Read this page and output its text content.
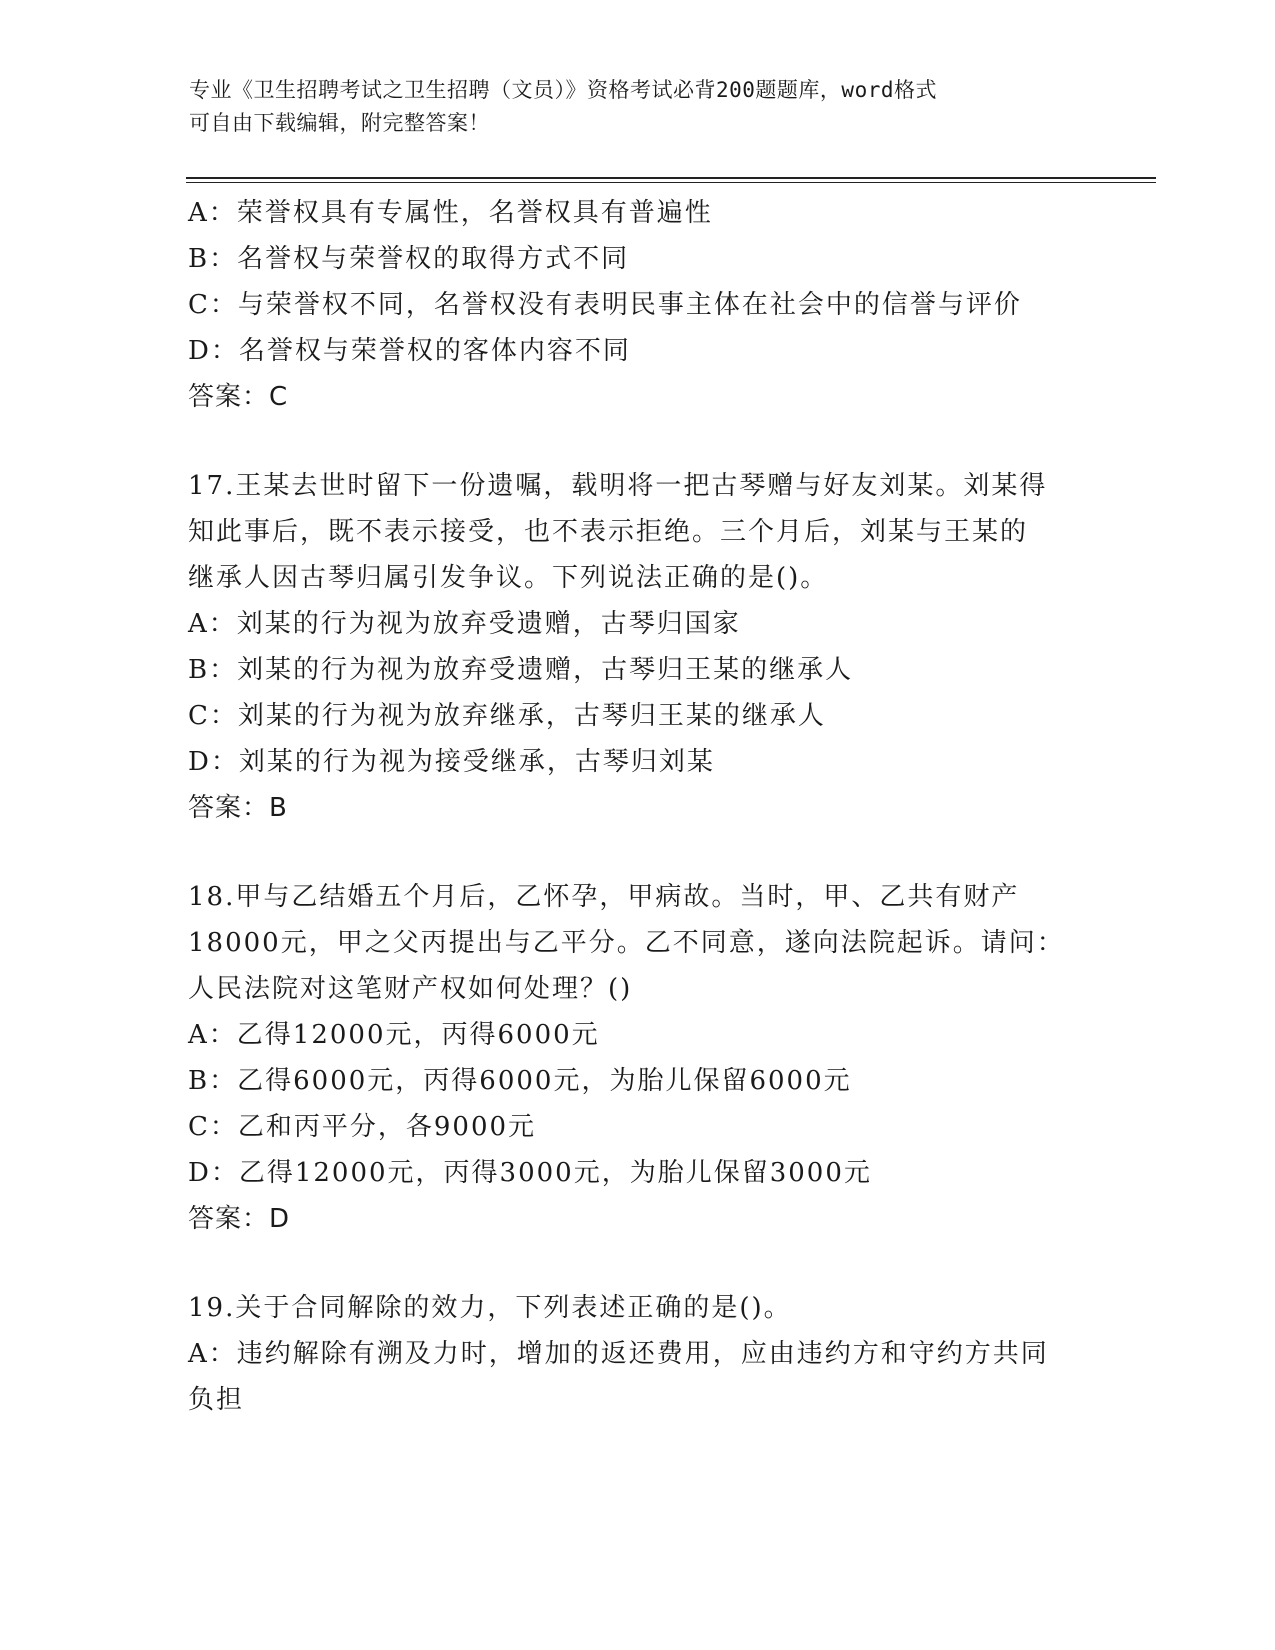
专业《卫生招聘考试之卫生招聘（文员）》资格考试必背200题题库，word格式
可自由下载编辑，附完整答案！
A：荣誉权具有专属性，名誉权具有普遍性
B：名誉权与荣誉权的取得方式不同
C：与荣誉权不同，名誉权没有表明民事主体在社会中的信誉与评价
D：名誉权与荣誉权的客体内容不同
答案：C
17.王某去世时留下一份遗嘱，载明将一把古琴赠与好友刘某。刘某得
知此事后，既不表示接受，也不表示拒绝。三个月后，刘某与王某的
继承人因古琴归属引发争议。下列说法正确的是()。
A：刘某的行为视为放弃受遗赠，古琴归国家
B：刘某的行为视为放弃受遗赠，古琴归王某的继承人
C：刘某的行为视为放弃继承，古琴归王某的继承人
D：刘某的行为视为接受继承，古琴归刘某
答案：B
18.甲与乙结婚五个月后，乙怀孕，甲病故。当时，甲、乙共有财产
18000元，甲之父丙提出与乙平分。乙不同意，遂向法院起诉。请问：
人民法院对这笔财产权如何处理？()
A：乙得12000元，丙得6000元
B：乙得6000元，丙得6000元，为胎儿保留6000元
C：乙和丙平分，各9000元
D：乙得12000元，丙得3000元，为胎儿保留3000元
答案：D
19.关于合同解除的效力，下列表述正确的是()。
A：违约解除有溯及力时，增加的返还费用，应由违约方和守约方共同
负担
